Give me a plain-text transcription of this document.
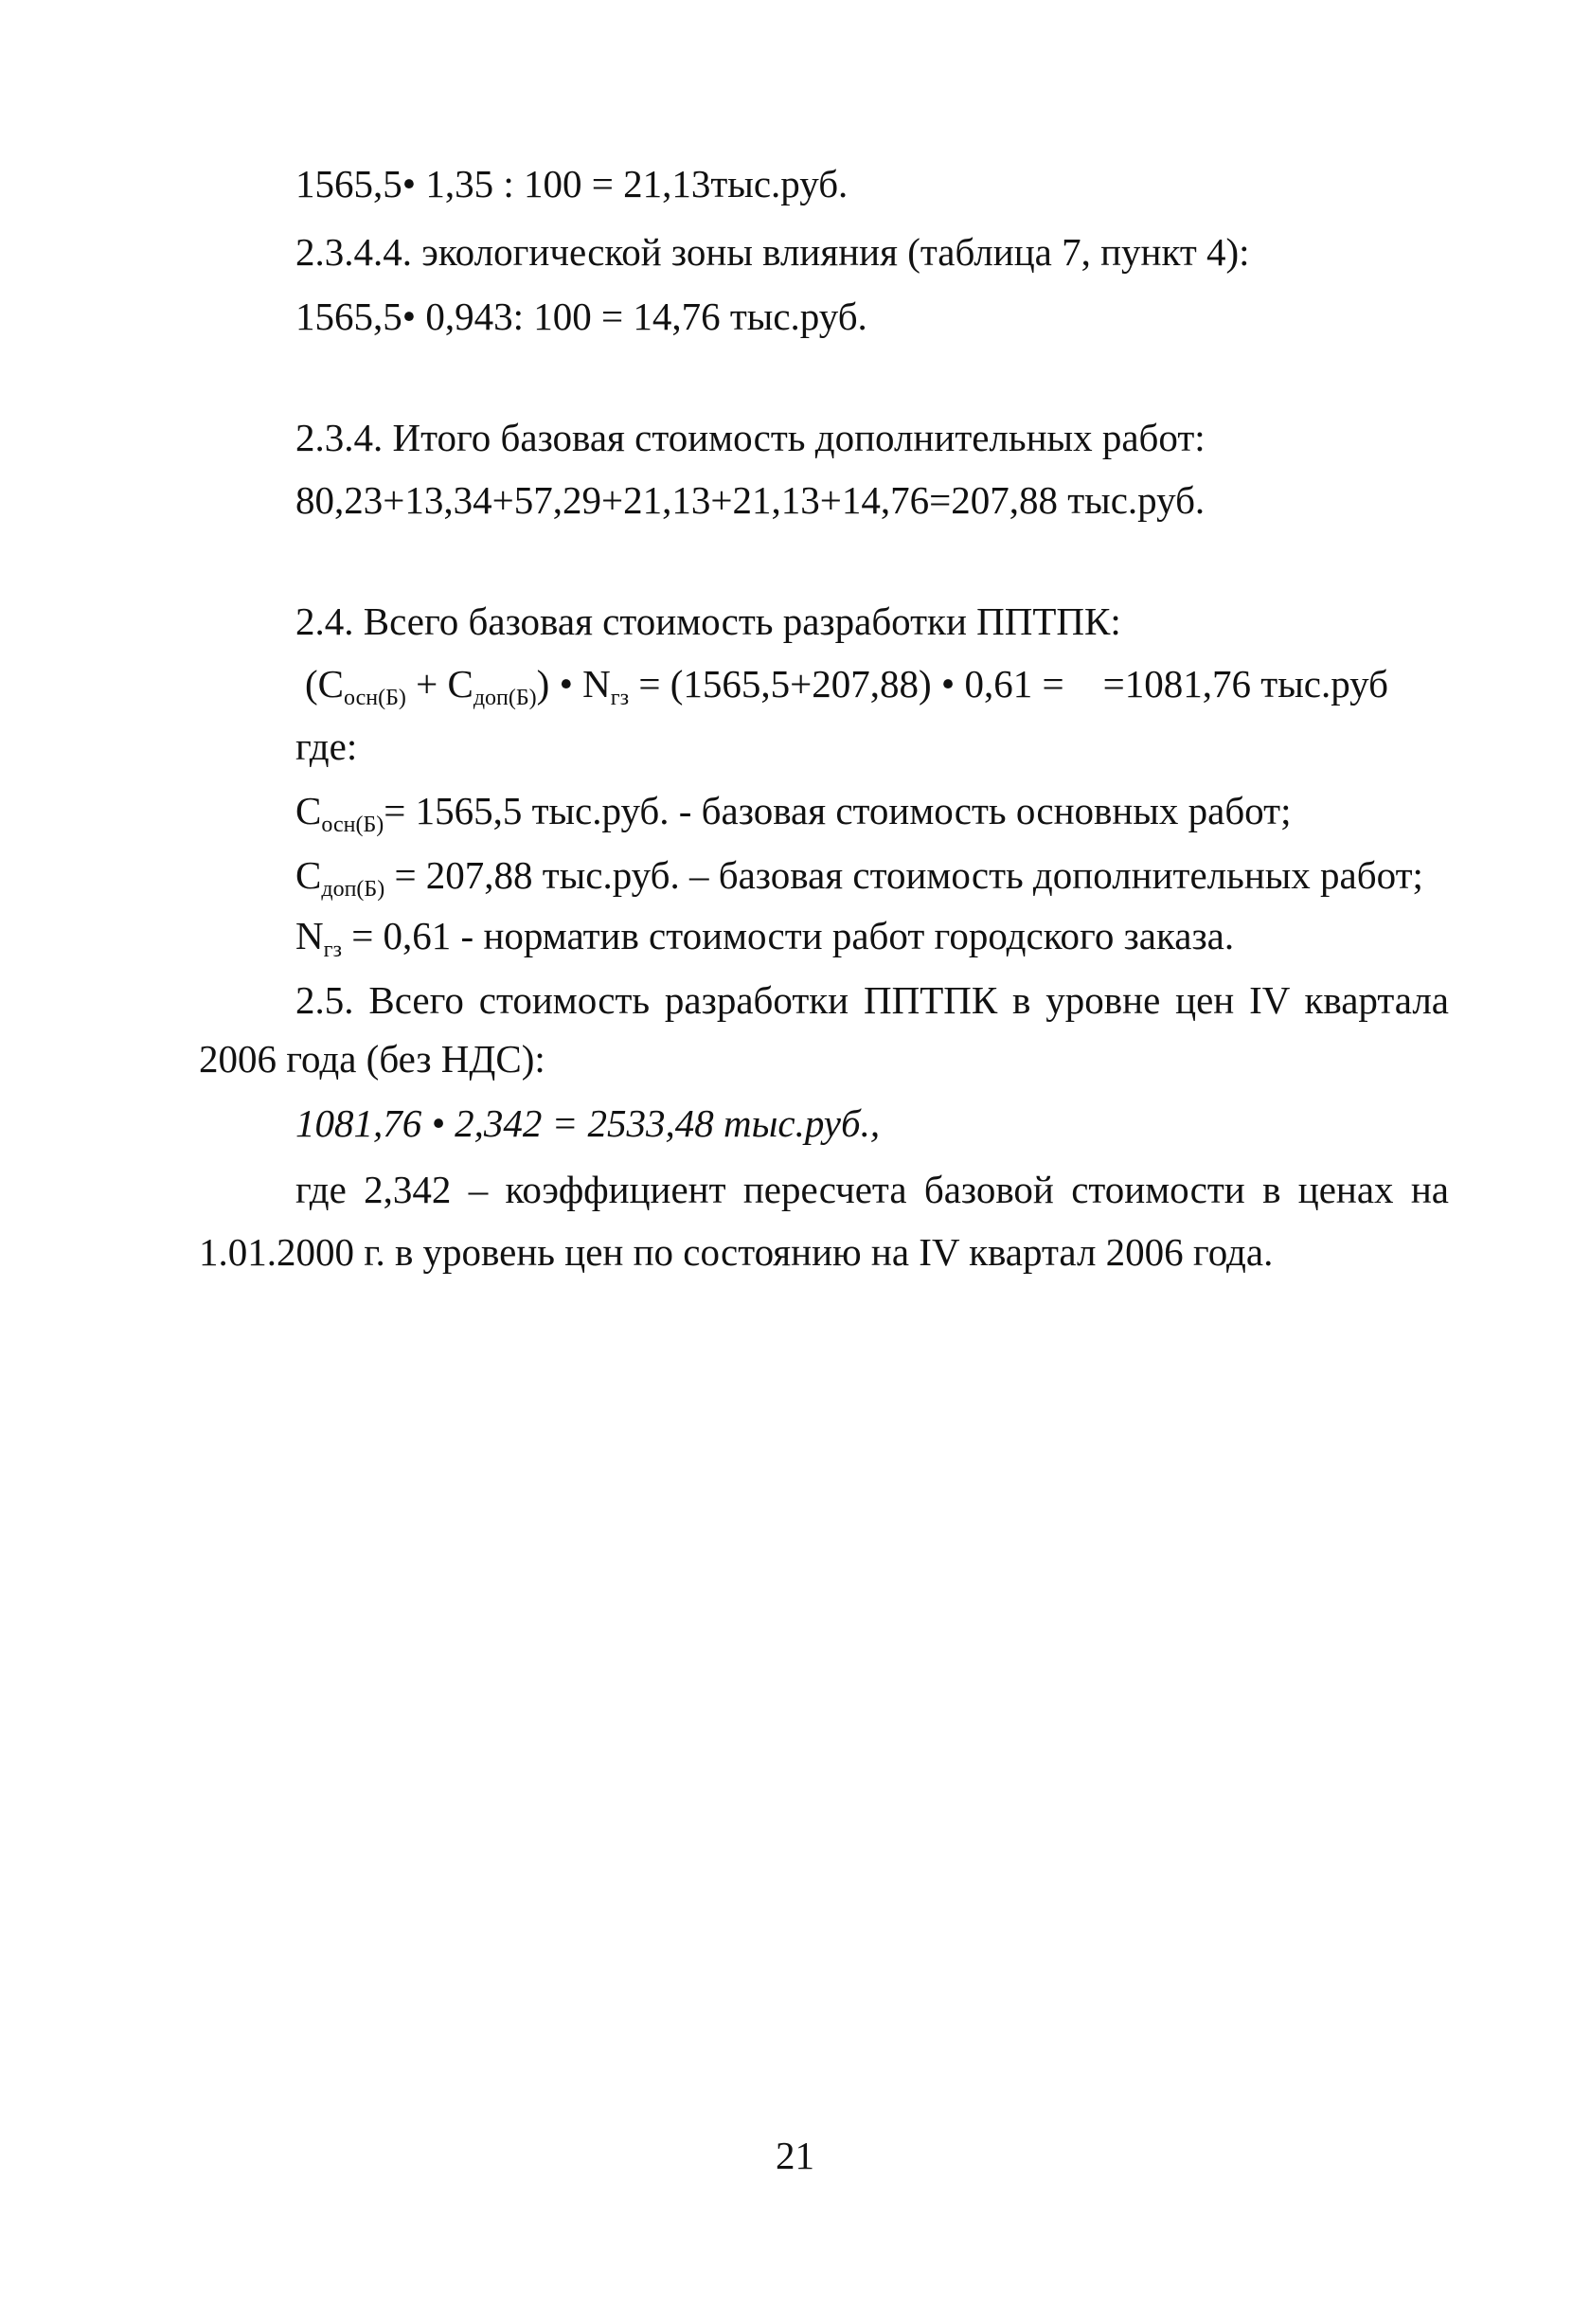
1565,5• 1,35 : 100 = 21,13тыс.руб.
2.3.4.4. экологической зоны влияния (таблица 7, пункт 4):
1565,5• 0,943: 100 = 14,76 тыс.руб.
2.3.4. Итого базовая стоимость дополнительных работ:
80,23+13,34+57,29+21,13+21,13+14,76=207,88 тыс.руб.
2.4. Всего базовая стоимость разработки ППТПК:
$(C_{осн(Б)} + C_{доп(Б)})$ • $N_{гз} = (1565,5+207,88)$ • 0,61 =    =1081,76 тыс.руб
где:
$C_{осн(Б)}= 1565,5$ тыс.руб. - базовая стоимость основных работ;
$C_{доп(Б)} = 207,88$ тыс.руб. – базовая стоимость дополнительных работ;
$N_{гз} = 0,61$ - норматив стоимости работ городского заказа.
2.5. Всего стоимость разработки ППТПК в уровне цен IV квартала
2006 года (без НДС):
1081,76 • 2,342 = 2533,48 тыс.руб.,
где 2,342 – коэффициент пересчета базовой стоимости в ценах на
1.01.2000 г. в уровень цен по состоянию на IV квартал 2006 года.
21
